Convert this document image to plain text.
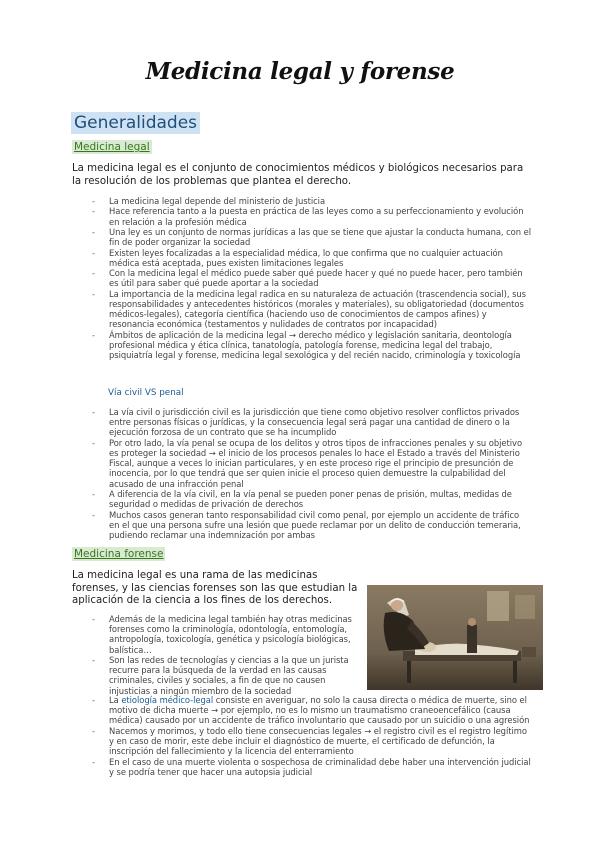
Medicina legal y forense
Generalidades
Medicina legal

La medicina legal es el conjunto de conocimientos médicos y biológicos necesarios para la resolución de los problemas que plantea el derecho.

- La medicina legal depende del ministerio de Justicia
- Hace referencia tanto a la puesta en práctica de las leyes como a su perfeccionamiento y evolución en relación a la profesión médica
- Una ley es un conjunto de normas jurídicas a las que se tiene que ajustar la conducta humana, con el fin de poder organizar la sociedad
- Existen leyes focalizadas a la especialidad médica, lo que confirma que no cualquier actuación médica está aceptada, pues existen limitaciones legales
- Con la medicina legal el médico puede saber qué puede hacer y qué no puede hacer, pero también es útil para saber qué puede aportar a la sociedad
- La importancia de la medicina legal radica en su naturaleza de actuación (trascendencia social), sus responsabilidades y antecedentes históricos (morales y materiales), su obligatoriedad (documentos médicos-legales), categoría científica (haciendo uso de conocimientos de campos afines) y resonancia económica (testamentos y nulidades de contratos por incapacidad)
- Ámbitos de aplicación de la medicina legal → derecho médico y legislación sanitaria, deontología profesional médica y ética clínica, tanatología, patología forense, medicina legal del trabajo, psiquiatría legal y forense, medicina legal sexológica y del recién nacido, criminología y toxicología
Vía civil VS penal
- La vía civil o jurisdicción civil es la jurisdicción que tiene como objetivo resolver conflictos privados entre personas físicas o jurídicas, y la consecuencia legal será pagar una cantidad de dinero o la ejecución forzosa de un contrato que se ha incumplido
- Por otro lado, la vía penal se ocupa de los delitos y otros tipos de infracciones penales y su objetivo es proteger la sociedad → el inicio de los procesos penales lo hace el Estado a través del Ministerio Fiscal, aunque a veces lo inician particulares, y en este proceso rige el principio de presunción de inocencia, por lo que tendrá que ser quien inicie el proceso quien demuestre la culpabilidad del acusado de una infracción penal
- A diferencia de la vía civil, en la vía penal se pueden poner penas de prisión, multas, medidas de seguridad o medidas de privación de derechos
- Muchos casos generan tanto responsabilidad civil como penal, por ejemplo un accidente de tráfico en el que una persona sufre una lesión que puede reclamar por un delito de conducción temeraria, pudiendo reclamar una indemnización por ambas
Medicina forense

La medicina legal es una rama de las medicinas forenses, y las ciencias forenses son las que estudian la aplicación de la ciencia a los fines de los derechos.

- Además de la medicina legal también hay otras medicinas forenses como la criminología, odontología, entomología, antropología, toxicología, genética y psicología biológicas, balística…
- Son las redes de tecnologías y ciencias a la que un jurista recurre para la búsqueda de la verdad en las causas criminales, civiles y sociales, a fin de que no causen injusticias a ningún miembro de la sociedad
- La etiología médico-legal consiste en averiguar, no solo la causa directa o médica de muerte, sino el motivo de dicha muerte → por ejemplo, no es lo mismo un traumatismo craneoencefálico (causa médica) causado por un accidente de tráfico involuntario que causado por un suicidio o una agresión
- Nacemos y morimos, y todo ello tiene consecuencias legales → el registro civil es el registro legítimo y en caso de morir, este debe incluir el diagnóstico de muerte, el certificado de defunción, la inscripción del fallecimiento y la licencia del enterramiento
- En el caso de una muerte violenta o sospechosa de criminalidad debe haber una intervención judicial y se podría tener que hacer una autopsia judicial
